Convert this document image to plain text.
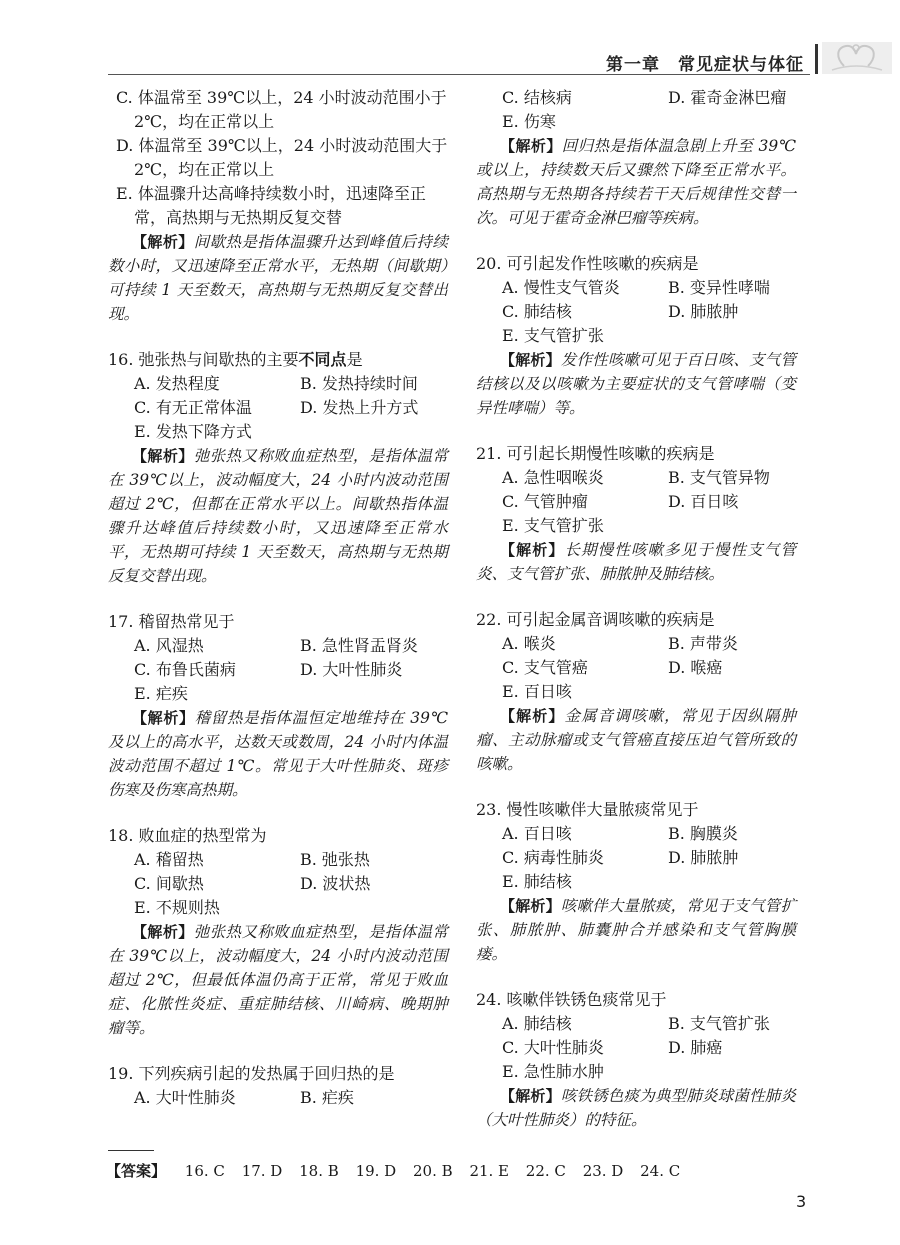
第一章　常见症状与体征
C. 体温常至 39℃以上，24 小时波动范围小于 2℃，均在正常以上
D. 体温常至 39℃以上，24 小时波动范围大于 2℃，均在正常以上
E. 体温骤升达高峰持续数小时，迅速降至正常，高热期与无热期反复交替
【解析】间歇热是指体温骤升达到峰值后持续数小时，又迅速降至正常水平，无热期（间歇期）可持续 1 天至数天，高热期与无热期反复交替出现。
16. 弛张热与间歇热的主要不同点是
A. 发热程度	B. 发热持续时间
C. 有无正常体温	D. 发热上升方式
E. 发热下降方式
【解析】弛张热又称败血症热型，是指体温常在 39℃以上，波动幅度大，24 小时内波动范围超过 2℃，但都在正常水平以上。间歇热指体温骤升达峰值后持续数小时，又迅速降至正常水平，无热期可持续 1 天至数天，高热期与无热期反复交替出现。
17. 稽留热常见于
A. 风湿热	B. 急性肾盂肾炎
C. 布鲁氏菌病	D. 大叶性肺炎
E. 疟疾
【解析】稽留热是指体温恒定地维持在 39℃及以上的高水平，达数天或数周，24 小时内体温波动范围不超过 1℃。常见于大叶性肺炎、斑疹伤寒及伤寒高热期。
18. 败血症的热型常为
A. 稽留热	B. 弛张热
C. 间歇热	D. 波状热
E. 不规则热
【解析】弛张热又称败血症热型，是指体温常在 39℃以上，波动幅度大，24 小时内波动范围超过 2℃，但最低体温仍高于正常，常见于败血症、化脓性炎症、重症肺结核、川崎病、晚期肿瘤等。
19. 下列疾病引起的发热属于回归热的是
A. 大叶性肺炎	B. 疟疾
C. 结核病	D. 霍奇金淋巴瘤
E. 伤寒
【解析】回归热是指体温急剧上升至 39℃或以上，持续数天后又骤然下降至正常水平。高热期与无热期各持续若干天后规律性交替一次。可见于霍奇金淋巴瘤等疾病。
20. 可引起发作性咳嗽的疾病是
A. 慢性支气管炎	B. 变异性哮喘
C. 肺结核	D. 肺脓肿
E. 支气管扩张
【解析】发作性咳嗽可见于百日咳、支气管结核以及以咳嗽为主要症状的支气管哮喘（变异性哮喘）等。
21. 可引起长期慢性咳嗽的疾病是
A. 急性咽喉炎	B. 支气管异物
C. 气管肿瘤	D. 百日咳
E. 支气管扩张
【解析】长期慢性咳嗽多见于慢性支气管炎、支气管扩张、肺脓肿及肺结核。
22. 可引起金属音调咳嗽的疾病是
A. 喉炎	B. 声带炎
C. 支气管癌	D. 喉癌
E. 百日咳
【解析】金属音调咳嗽，常见于因纵隔肿瘤、主动脉瘤或支气管癌直接压迫气管所致的咳嗽。
23. 慢性咳嗽伴大量脓痰常见于
A. 百日咳	B. 胸膜炎
C. 病毒性肺炎	D. 肺脓肿
E. 肺结核
【解析】咳嗽伴大量脓痰，常见于支气管扩张、肺脓肿、肺囊肿合并感染和支气管胸膜瘘。
24. 咳嗽伴铁锈色痰常见于
A. 肺结核	B. 支气管扩张
C. 大叶性肺炎	D. 肺癌
E. 急性肺水肿
【解析】咳铁锈色痰为典型肺炎球菌性肺炎（大叶性肺炎）的特征。
【答案】 16. C 17. D 18. B 19. D 20. B 21. E 22. C 23. D 24. C
3
